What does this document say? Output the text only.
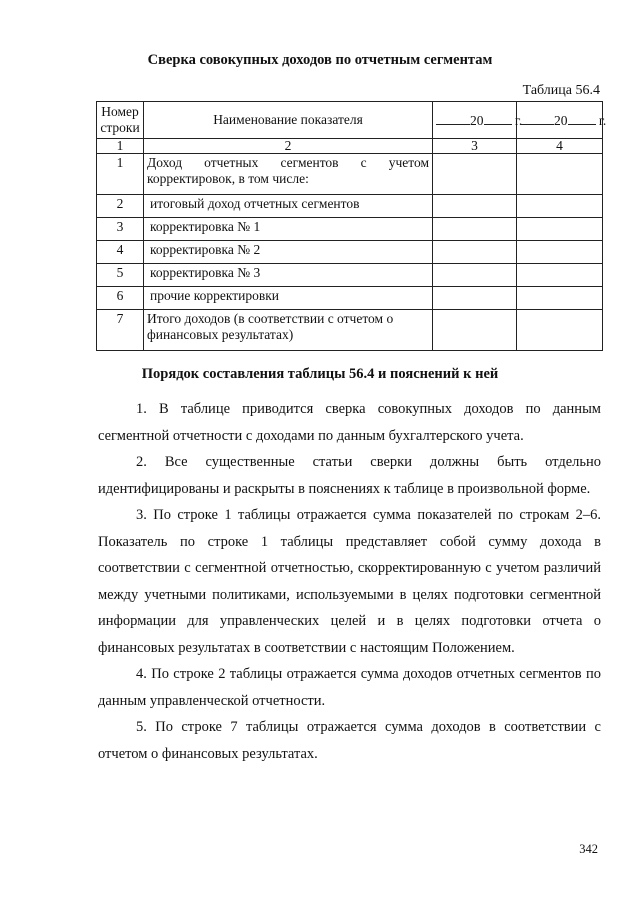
Сверка совокупных доходов по отчетным сегментам
Таблица 56.4
Номер строки	Наименование показателя	20 г.	20 г.
1	2	3	4
1	Доход отчетных сегментов с учетом корректировок, в том числе:		
2	итоговый доход отчетных сегментов		
3	корректировка № 1		
4	корректировка № 2		
5	корректировка № 3		
6	прочие корректировки		
7	Итого доходов (в соответствии с отчетом о финансовых результатах)		
Порядок составления таблицы 56.4 и пояснений к ней

1. В таблице приводится сверка совокупных доходов по данным сегментной отчетности с доходами по данным бухгалтерского учета.

2. Все существенные статьи сверки должны быть отдельно идентифицированы и раскрыты в пояснениях к таблице в произвольной форме.

3. По строке 1 таблицы отражается сумма показателей по строкам 2–6. Показатель по строке 1 таблицы представляет собой сумму дохода в соответствии с сегментной отчетностью, скорректированную с учетом различий между учетными политиками, используемыми в целях подготовки сегментной информации для управленческих целей и в целях подготовки отчета о финансовых результатах в соответствии с настоящим Положением.

4. По строке 2 таблицы отражается сумма доходов отчетных сегментов по данным управленческой отчетности.

5. По строке 7 таблицы отражается сумма доходов в соответствии с отчетом о финансовых результатах.

342
